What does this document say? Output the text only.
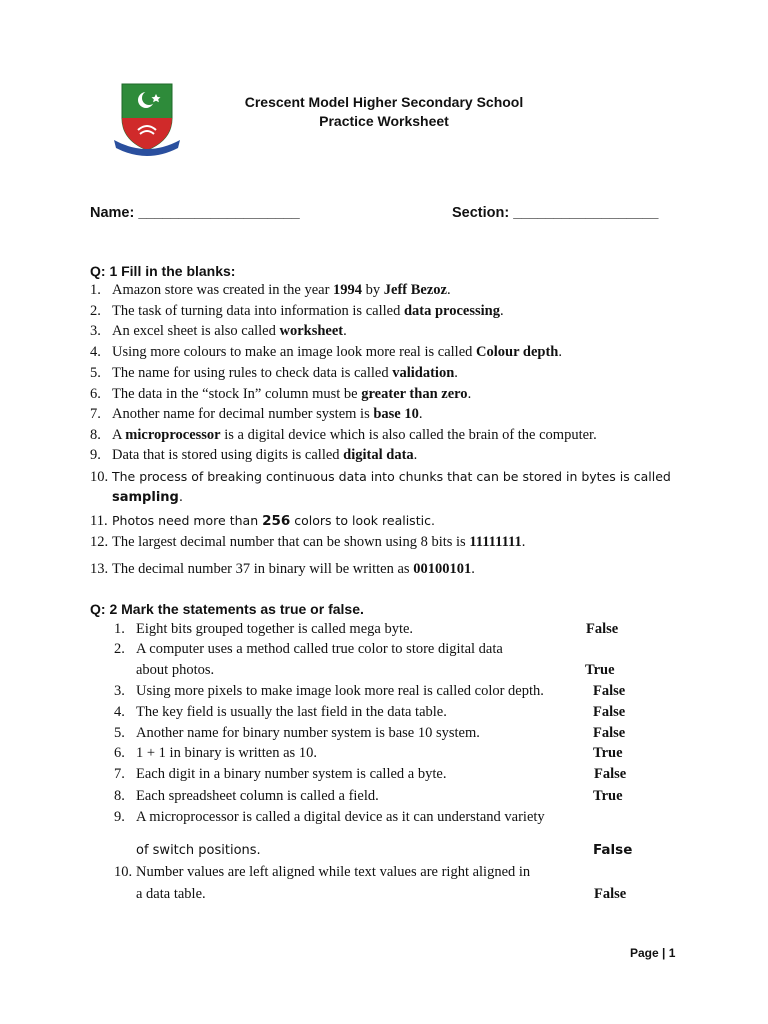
Crescent Model Higher Secondary School
Practice Worksheet
Name: ____________________	Section: __________________
Q: 1 Fill in the blanks:
1. Amazon store was created in the year 1994 by Jeff Bezoz.
2. The task of turning data into information is called data processing.
3. An excel sheet is also called worksheet.
4. Using more colours to make an image look more real is called Colour depth.
5. The name for using rules to check data is called validation.
6. The data in the “stock In” column must be greater than zero.
7. Another name for decimal number system is base 10.
8. A microprocessor is a digital device which is also called the brain of the computer.
9. Data that is stored using digits is called digital data.
10. The process of breaking continuous data into chunks that can be stored in bytes is called
sampling.
11. Photos need more than 256 colors to look realistic.
12. The largest decimal number that can be shown using 8 bits is 11111111.
13. The decimal number 37 in binary will be written as 00100101.
Q: 2 Mark the statements as true or false.
1. Eight bits grouped together is called mega byte.	False
2. A computer uses a method called true color to store digital data
about photos.	True
3. Using more pixels to make image look more real is called color depth.	False
4. The key field is usually the last field in the data table.	False
5. Another name for binary number system is base 10 system.	False
6. 1 + 1 in binary is written as 10.	True
7. Each digit in a binary number system is called a byte.	False
8. Each spreadsheet column is called a field.	True
9. A microprocessor is called a digital device as it can understand variety
of switch positions.	False
10. Number values are left aligned while text values are right aligned in
a data table.	False
Page | 1
